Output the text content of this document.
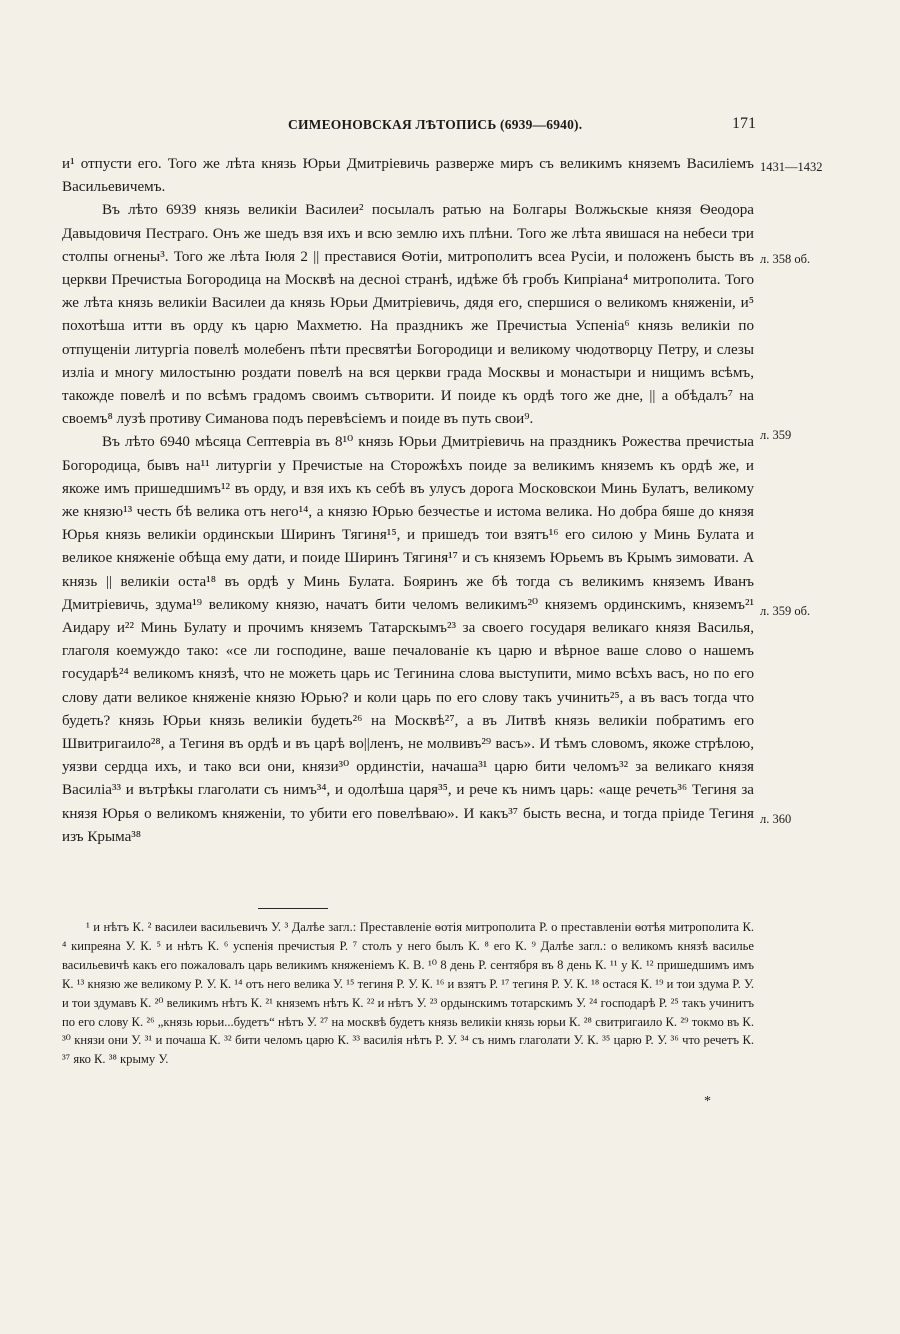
СИМЕОНОВСКАЯ ЛѢТОПИСЬ (6939—6940).	171

и¹ отпусти его. Того же лѣта князь Юрьи Дмитріевичь разверже миръ съ великимъ княземъ Василіемъ Васильевичемъ.

Въ лѣто 6939 князь великіи Василеи² посылалъ ратью на Болгары Волжьскые князя Ѳеодора Давыдовичя Пестраго. Онъ же шедъ взя ихъ и всю землю ихъ плѣни. Того же лѣта явишася на небеси три столпы огнены³. Того же лѣта Іюля 2 || преставися Ѳотіи, митрополитъ всеа Русіи, и положенъ бысть въ церкви Пречистыа Богородица на Москвѣ на десноi странѣ, идѣже бѣ гробъ Кипріана⁴ митрополита. Того же лѣта князь великіи Василеи да князь Юрьи Дмитріевичь, дядя его, спершися о великомъ княженіи, и⁵ похотѣша итти въ орду къ царю Махметю. На праздникъ же Пречистыа Успеніа⁶ князь великіи по отпущеніи литургіа повелѣ молебенъ пѣти пресвятѣи Богородици и великому чюдотворцу Петру, и слезы изліа и многу милостыню роздати повелѣ на вся церкви града Москвы и монастыри и нищимъ всѣмъ, такожде повелѣ и по всѣмъ градомъ своимъ сътворити. И поиде къ ордѣ того же дне, || а обѣдалъ⁷ на своемъ⁸ лузѣ противу Симанова подъ перевѣсіемъ и поиде въ путь свои⁹.

Въ лѣто 6940 мѣсяца Септевріа въ 8¹⁰ князь Юрьи Дмитріевичь на праздникъ Рожества пречистыа Богородица, бывъ на¹¹ литургіи у Пречистые на Сторожѣхъ поиде за великимъ княземъ къ ордѣ же, и якоже имъ пришедшимъ¹² въ орду, и взя ихъ къ себѣ въ улусъ дорога Московскои Минь Булатъ, великому же князю¹³ честь бѣ велика отъ него¹⁴, а князю Юрью безчестье и истома велика. Но добра бяше до князя Юрья князь великіи ординскыи Ширинъ Тягиня¹⁵, и пришедъ тои взятъ¹⁶ его силою у Минь Булата и великое княженіе обѣща ему дати, и поиде Ширинъ Тягиня¹⁷ и съ княземъ Юрьемъ въ Крымъ зимовати. А князь || великіи оста¹⁸ въ ордѣ у Минь Булата. Бояринъ же бѣ тогда съ великимъ княземъ Иванъ Дмитріевичь, здума¹⁹ великому князю, начатъ бити челомъ великимъ²⁰ княземъ ординскимъ, княземъ²¹ Аидару и²² Минь Булату и прочимъ княземъ Татарскымъ²³ за своего государя великаго князя Василья, глаголя коемуждо тако: «се ли господине, ваше печалованіе къ царю и вѣрное ваше слово о нашемъ государѣ²⁴ великомъ князѣ, что не можеть царь ис Тегинина слова выступити, мимо всѣхъ васъ, но по его слову дати великое княженіе князю Юрью? и коли царь по его слову такъ учинить²⁵, а въ васъ тогда что будеть? князь Юрьи князь великіи будеть²⁶ на Москвѣ²⁷, а въ Литвѣ князь великіи побратимъ его Швитригаило²⁸, а Тегиня въ ордѣ и въ царѣ во||ленъ, не молвивъ²⁹ васъ». И тѣмъ словомъ, якоже стрѣлою, уязви сердца ихъ, и тако вси они, князи³⁰ ординстіи, начаша³¹ царю бити челомъ³² за великаго князя Василіа³³ и вътрѣкы глаголати съ нимъ³⁴, и одолѣша царя³⁵, и рече къ нимъ царь: «аще речеть³⁶ Тегиня за князя Юрья о великомъ княженіи, то убити его повелѣваю». И какъ³⁷ бысть весна, и тогда пріиде Тегиня изъ Крыма³⁸

1431—1432
л. 358 об.
л. 359
л. 359 об.
л. 360

¹ и нѣтъ К. ² василеи васильевичъ У. ³ Далѣе загл.: Преставленіе ѳотія митрополита Р. о преставленіи ѳотѣя митрополита К. ⁴ кипреяна У. К. ⁵ и нѣтъ К. ⁶ успенія пречистыя Р. ⁷ столъ у него былъ К. ⁸ его К. ⁹ Далѣе загл.: о великомъ князѣ василье васильевичѣ какъ его пожаловалъ царь великимъ княженіемъ К. В. ¹⁰ 8 день Р. сентября въ 8 день К. ¹¹ у К. ¹² пришедшимъ имъ К. ¹³ князю же великому Р. У. К. ¹⁴ отъ него велика У. ¹⁵ тегиня Р. У. К. ¹⁶ и взятъ Р. ¹⁷ тегиня Р. У. К. ¹⁸ остася К. ¹⁹ и тои здума Р. У. и тои здумавъ К. ²⁰ великимъ нѣтъ К. ²¹ княземъ нѣтъ К. ²² и нѣтъ У. ²³ ордынскимъ тотарскимъ У. ²⁴ господарѣ Р. ²⁵ такъ учинитъ по его слову К. ²⁶ „князь юрьи...будетъ“ нѣтъ У. ²⁷ на москвѣ будетъ князь великіи князь юрьи К. ²⁸ свитригаило К. ²⁹ токмо въ К. ³⁰ князи они У. ³¹ и почаша К. ³² бити челомъ царю К. ³³ василія нѣтъ Р. У. ³⁴ съ нимъ глаголати У. К. ³⁵ царю Р. У. ³⁶ что речетъ К. ³⁷ яко К. ³⁸ крыму У.

*
